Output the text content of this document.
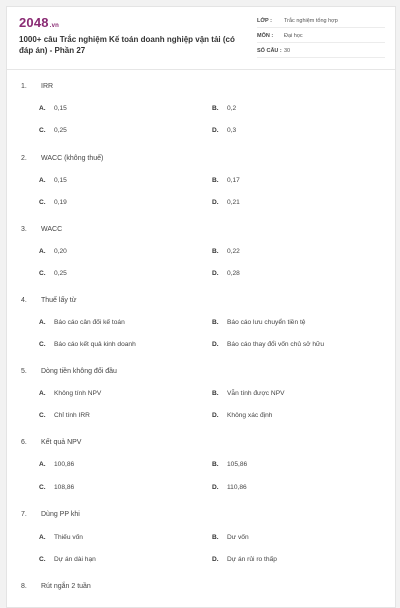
2048.vn
1000+ câu Trắc nghiệm Kế toán doanh nghiệp vận tải (có đáp án) - Phần 27
LỚP : Trắc nghiệm tổng hợp
MÔN : Đại học
SỐ CÂU : 30
1. IRR
A. 0,15	B. 0,2
C. 0,25	D. 0,3
2. WACC (không thuế)
A. 0,15	B. 0,17
C. 0,19	D. 0,21
3. WACC
A. 0,20	B. 0,22
C. 0,25	D. 0,28
4. Thuế lấy từ
A. Báo cáo cân đối kế toán	B. Báo cáo lưu chuyển tiền tệ
C. Báo cáo kết quả kinh doanh	D. Báo cáo thay đổi vốn chủ sở hữu
5. Dòng tiền không đổi đầu
A. Không tính NPV	B. Vẫn tính được NPV
C. Chỉ tính IRR	D. Không xác định
6. Kết quả NPV
A. 100,86	B. 105,86
C. 108,86	D. 110,86
7. Dùng PP khi
A. Thiếu vốn	B. Dư vốn
C. Dự án dài hạn	D. Dự án rủi ro thấp
8. Rút ngắn 2 tuần
